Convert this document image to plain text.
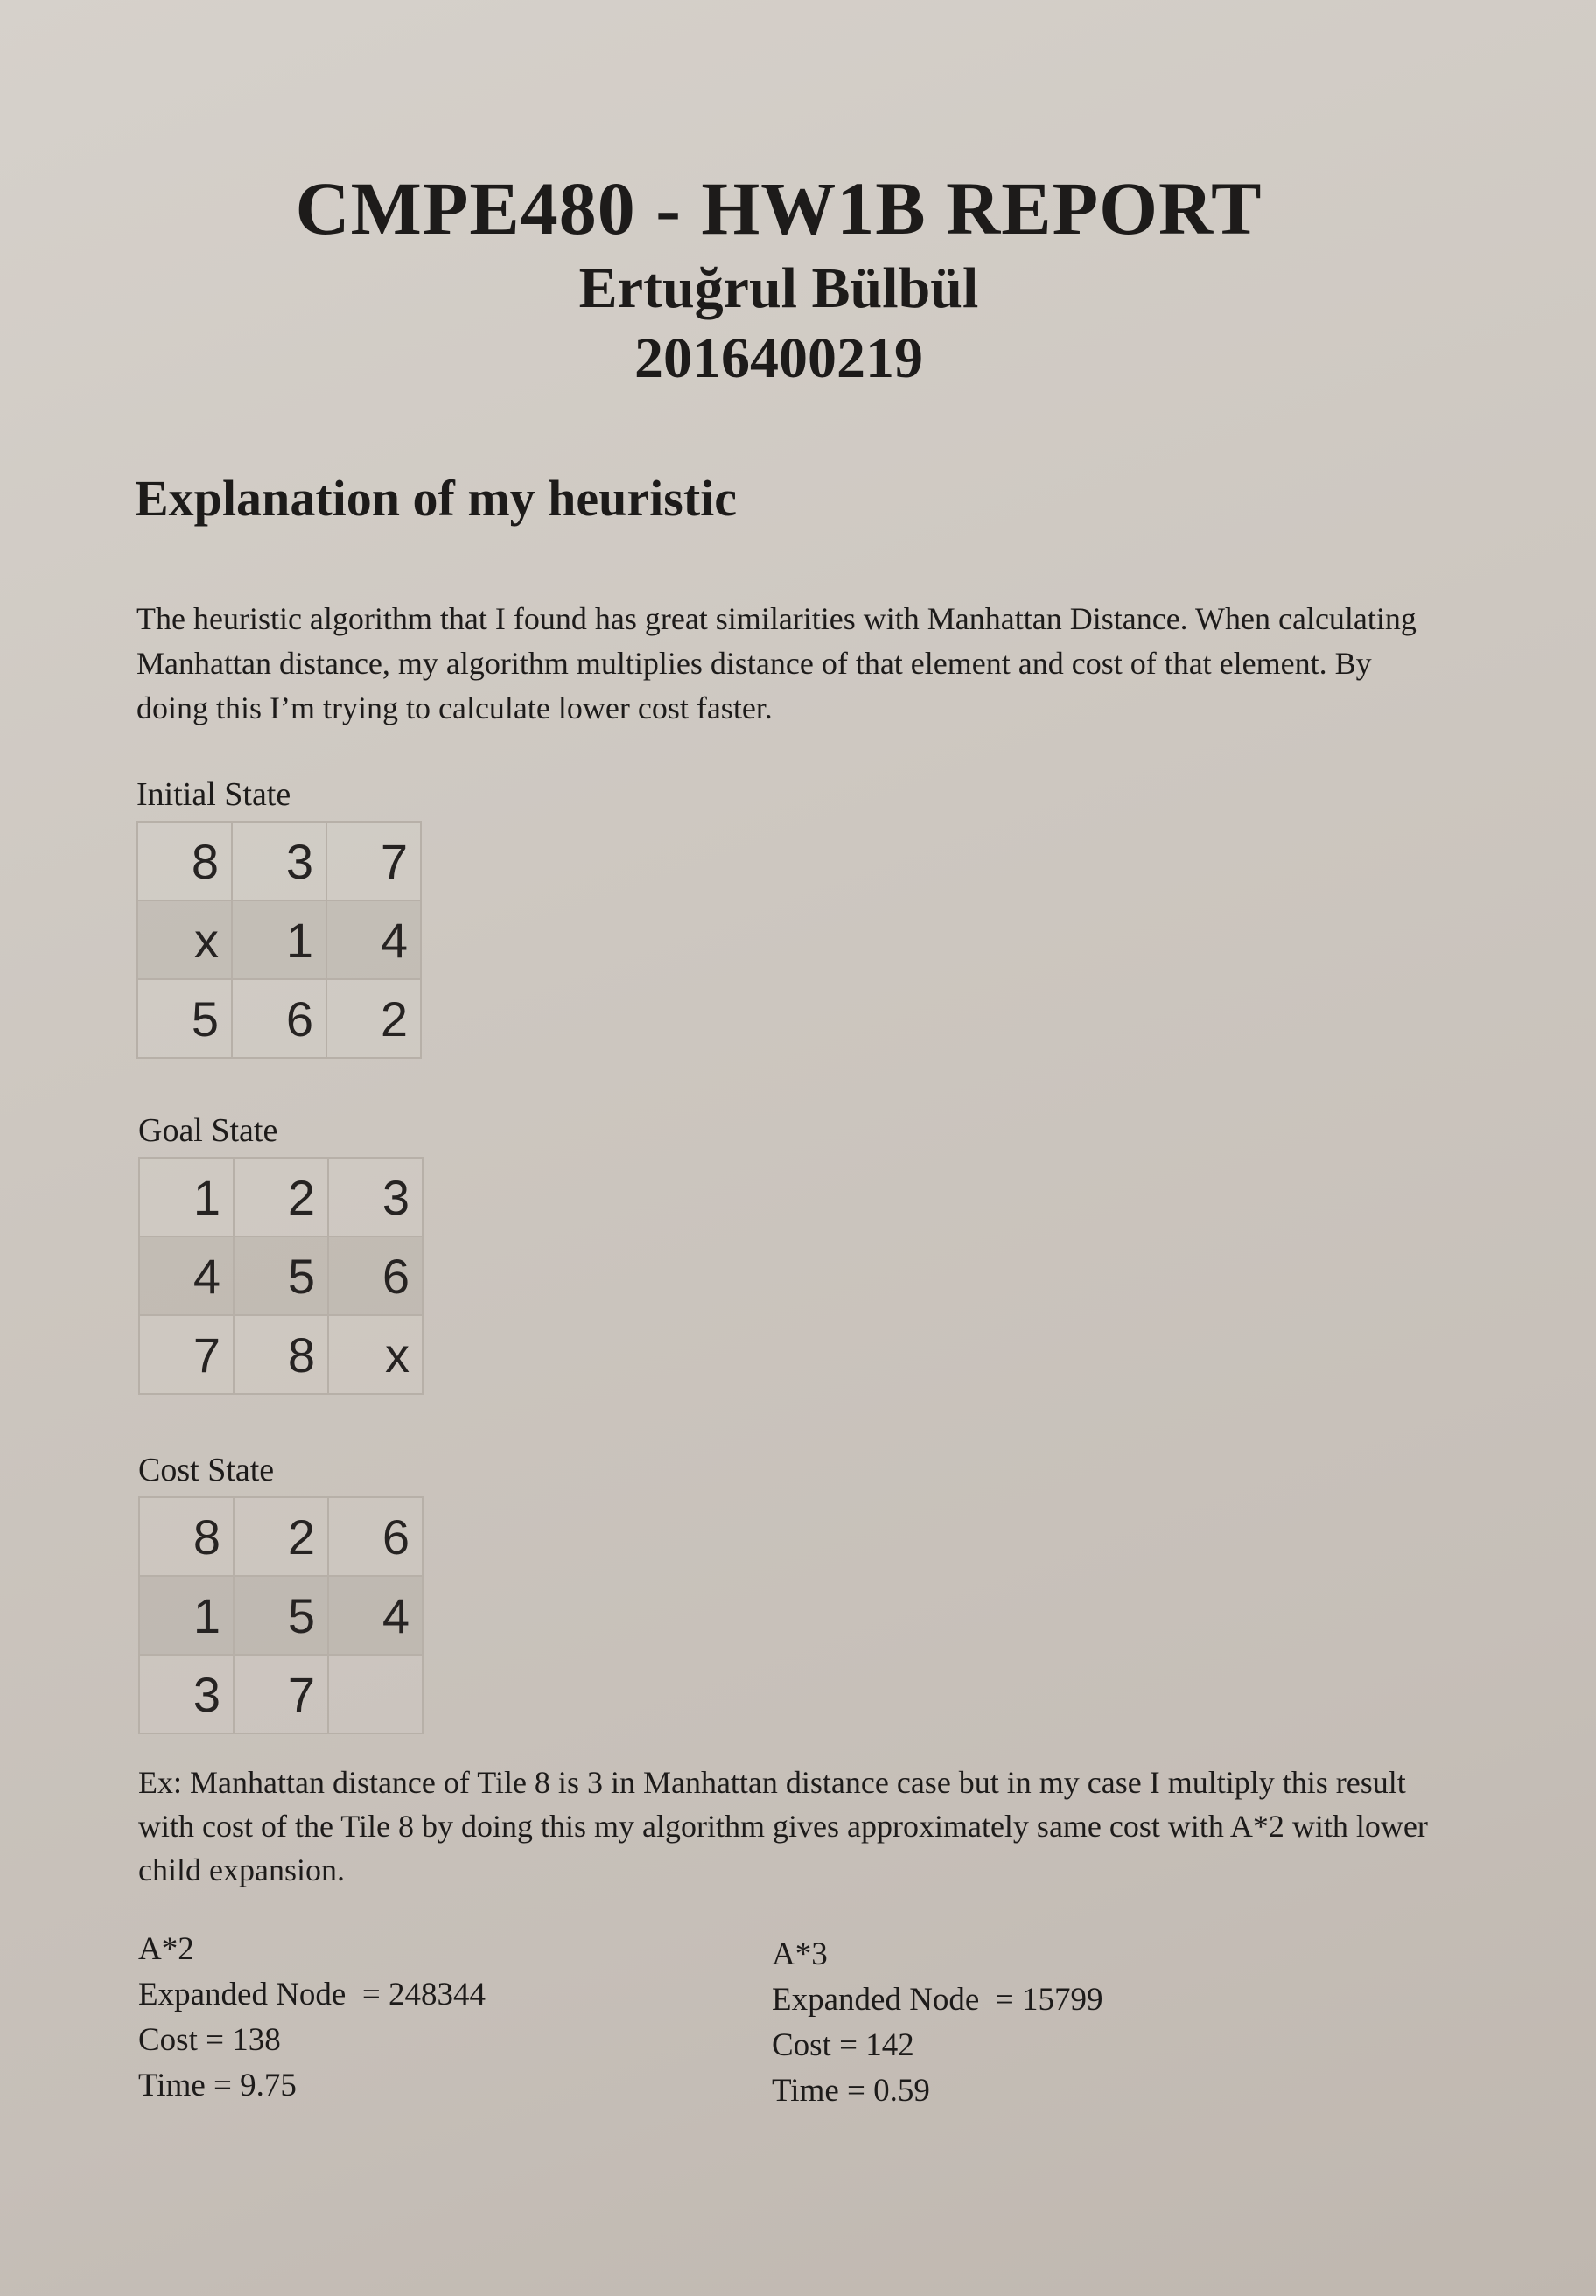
CMPE480 - HW1B REPORT
Ertuğrul Bülbül
2016400219
Explanation of my heuristic

The heuristic algorithm that I found has great similarities with Manhattan Distance. When calculating Manhattan distance, my algorithm multiplies distance of that element and cost of that element. By doing this I’m trying to calculate lower cost faster.

Initial State

8	3	7
x	1	4
5	6	2

Goal State

1	2	3
4	5	6
7	8	x

Cost State

8	2	6
1	5	4
3	7	

Ex: Manhattan distance of Tile 8 is 3 in Manhattan distance case but in my case I multiply this result with cost of the Tile 8 by doing this my algorithm gives approximately same cost with A*2 with lower child expansion.

A*2
Expanded Node  = 248344
Cost = 138
Time = 9.75
A*3
Expanded Node  = 15799
Cost = 142
Time = 0.59
